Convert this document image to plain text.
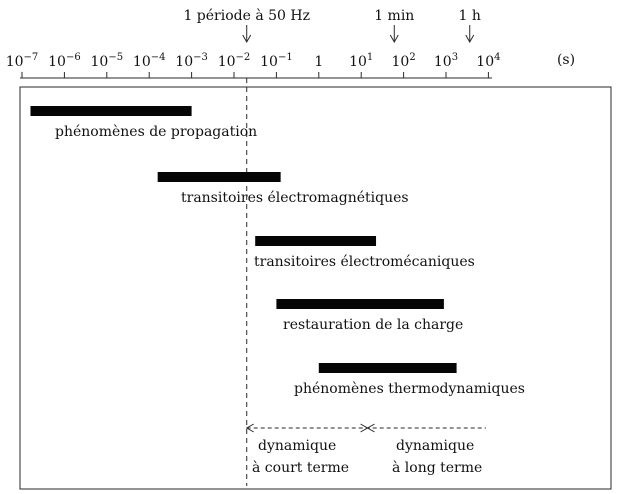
$10^{-7}$ $10^{-6}$ $10^{-5}$ $10^{-4}$ $10^{-3}$ $10^{-2}$ $10^{-1}$ 1 $10^1$ $10^2$ $10^3$ $10^4$	(s)
1 période à 50 Hz	1 min	1 h
phénomènes de propagation
transitoires électromagnétiques
transitoires électromécaniques
restauration de la charge
phénomènes thermodynamiques
dynamique
à court terme
dynamique
à long terme
